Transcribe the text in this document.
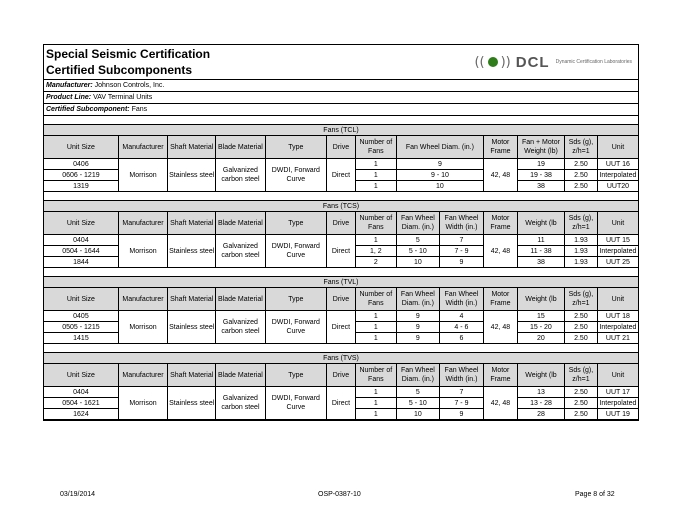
Special Seismic Certification
Certified Subcomponents
(( )) DCL Dynamic Certification Laboratories
Manufacturer: Johnson Controls, Inc.
Product Line: VAV Terminal Units
Certified Subcomponent: Fans
Fans (TCL)											
Unit Size	Manufacturer	Shaft Material	Blade Material	Type	Drive	Number of Fans	Fan Wheel Diam. (in.)	Motor Frame	Fan + Motor Weight (lb)	Sds (g), z/h=1	Unit
0406	Morrison	Stainless steel	Galvanized carbon steel	DWDI, Forward Curve	Direct	1	9	42, 48	19	2.50	UUT 16
0606 - 1219						1	9 - 10		19 - 38	2.50	Interpolated
1319						1	10		38	2.50	UUT20
Fans (TCS)												
Unit Size	Manufacturer	Shaft Material	Blade Material	Type	Drive	Number of Fans	Fan Wheel Diam. (in.)	Fan Wheel Width (in.)	Motor Frame	Weight (lb	Sds (g), z/h=1	Unit
0404	Morrison	Stainless steel	Galvanized carbon steel	DWDI, Forward Curve	Direct	1	5	7	42, 48	11	1.93	UUT 15
0504 - 1644						1, 2	5 - 10	7 - 9		11 - 38	1.93	Interpolated
1844						2	10	9		38	1.93	UUT 25
Fans (TVL)												
Unit Size	Manufacturer	Shaft Material	Blade Material	Type	Drive	Number of Fans	Fan Wheel Diam. (in.)	Fan Wheel Width (in.)	Motor Frame	Weight (lb	Sds (g), z/h=1	Unit
0405	Morrison	Stainless steel	Galvanized carbon steel	DWDI, Forward Curve	Direct	1	9	4	42, 48	15	2.50	UUT 18
0505 - 1215						1	9	4 - 6		15 - 20	2.50	Interpolated
1415						1	9	6		20	2.50	UUT 21
Fans (TVS)												
Unit Size	Manufacturer	Shaft Material	Blade Material	Type	Drive	Number of Fans	Fan Wheel Diam. (in.)	Fan Wheel Width (in.)	Motor Frame	Weight (lb	Sds (g), z/h=1	Unit
0404	Morrison	Stainless steel	Galvanized carbon steel	DWDI, Forward Curve	Direct	1	5	7	42, 48	13	2.50	UUT 17
0504 - 1621						1	5 - 10	7 - 9		13 - 28	2.50	Interpolated
1624						1	10	9		28	2.50	UUT 19
03/19/2014	OSP-0387-10	Page 8 of 32
